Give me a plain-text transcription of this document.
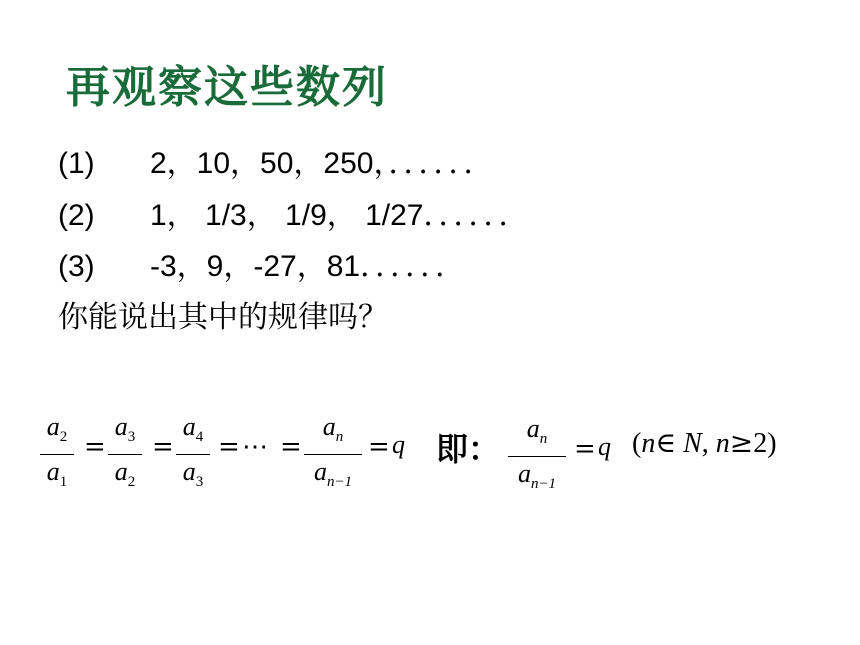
再观察这些数列
(1) 2，10，50，250，．．．．．．
(2) 1， 1/3， 1/9， 1/27．．．．．．
(3) -3，9，-27，81．．．．．．
你能说出其中的规律吗？
$a_2$
$a_1$
=
$a_3$
$a_2$
=
$a_4$
$a_3$
= ⋯ =
$a_n$
$a_{n-1}$
= q 即：
$a_n$
$a_{n-1}$
= q (n∈ N, n≥2)
